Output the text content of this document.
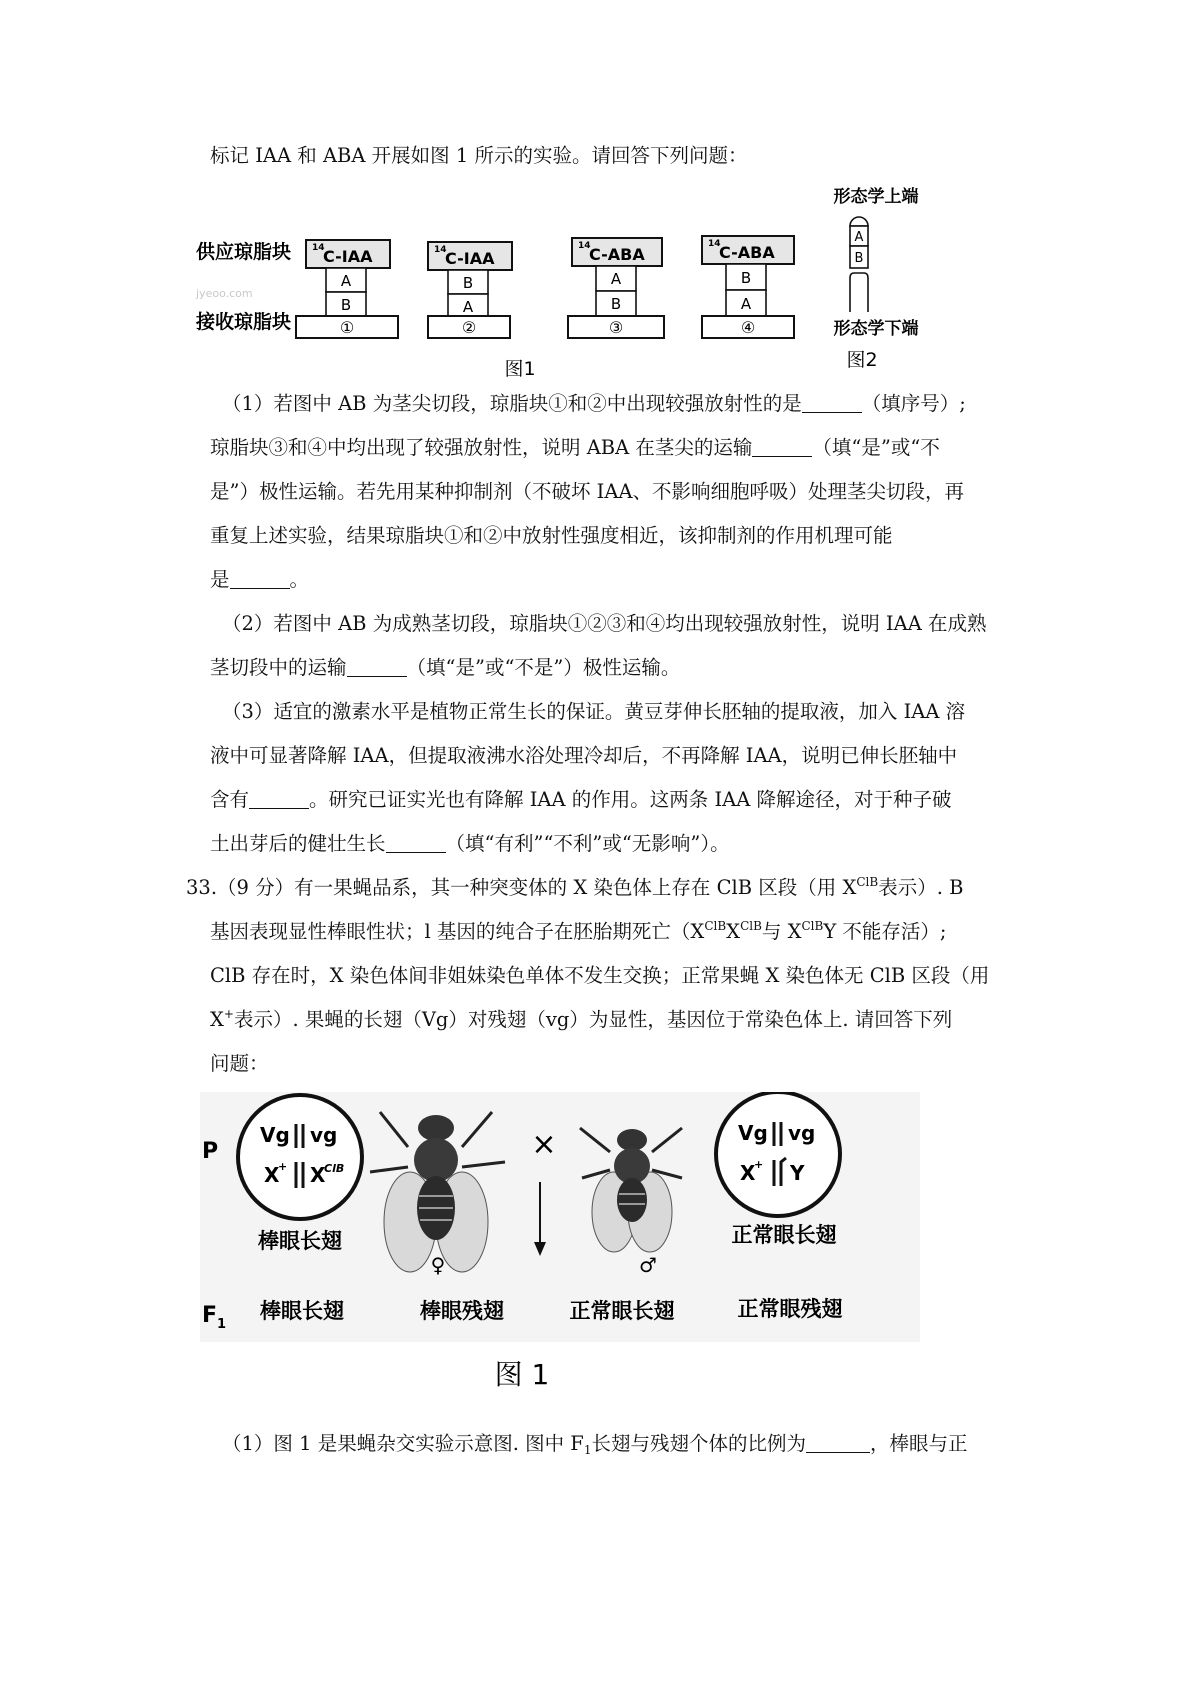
标记 IAA 和 ABA 开展如图 1 所示的实验。请回答下列问题：
供应琼脂块
接收琼脂块
jyeoo.com
14
C-IAA
A
B
①
14
C-IAA
B
A
②
14
C-ABA
A
B
③
14
C-ABA
B
A
④
图1
形态学上端
A
B
形态学下端
图2
（1）若图中 AB 为茎尖切段，琼脂块①和②中出现较强放射性的是	（填序号）;
琼脂块③和④中均出现了较强放射性，说明 ABA 在茎尖的运输	（填“是”或“不
是”）极性运输。若先用某种抑制剂（不破坏 IAA、不影响细胞呼吸）处理茎尖切段，再
重复上述实验，结果琼脂块①和②中放射性强度相近，该抑制剂的作用机理可能
是	。
（2）若图中 AB 为成熟茎切段，琼脂块①②③和④均出现较强放射性，说明 IAA 在成熟
茎切段中的运输	（填“是”或“不是”）极性运输。
（3）适宜的激素水平是植物正常生长的保证。黄豆芽伸长胚轴的提取液，加入 IAA 溶
液中可显著降解 IAA，但提取液沸水浴处理冷却后，不再降解 IAA，说明已伸长胚轴中
含有	。研究已证实光也有降解 IAA 的作用。这两条 IAA 降解途径，对于种子破
土出芽后的健壮生长	（填“有利”“不利”或“无影响”）。
33.（9 分）有一果蝇品系，其一种突变体的 X 染色体上存在 ClB 区段（用 $X^{ClB}$表示）. B
基因表现显性棒眼性状；l 基因的纯合子在胚胎期死亡（$X^{ClB}X^{ClB}$与 $X^{ClB}Y$ 不能存活）;
ClB 存在时，X 染色体间非姐妹染色单体不发生交换；正常果蝇 X 染色体无 ClB 区段（用
X+表示）. 果蝇的长翅（Vg）对残翅（vg）为显性，基因位于常染色体上. 请回答下列
问题：
P
F 1
Vg vg
X
+ X
ClB
棒眼长翅
♀
×
♂
Vg vg
X
+ Y
正常眼长翅
棒眼长翅	棒眼残翅	正常眼长翅	正常眼残翅
图 1
（1）图 1 是果蝇杂交实验示意图. 图中 $F_1$长翅与残翅个体的比例为	，棒眼与正
